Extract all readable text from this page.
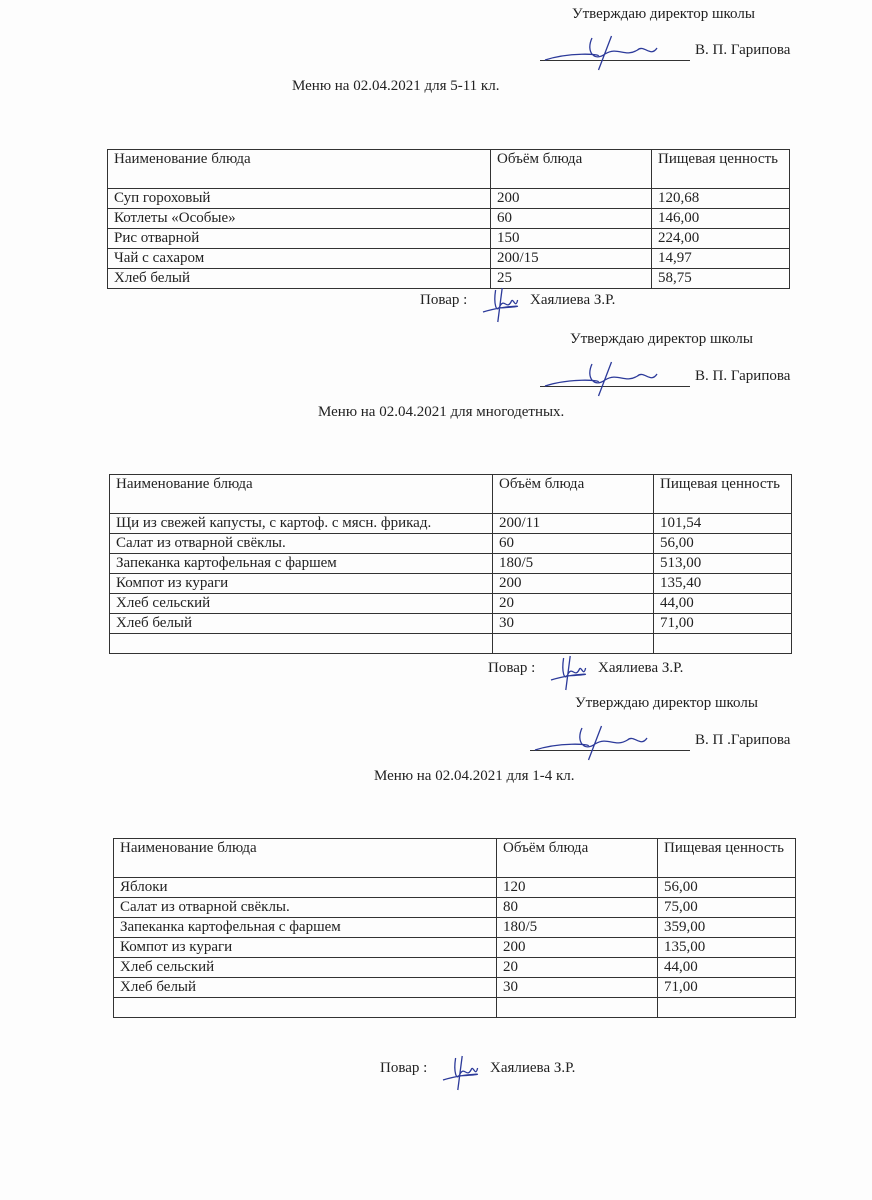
Утверждаю директор школы
В. П. Гарипова
Меню на 02.04.2021 для 5-11 кл.
Наименование блюда	Объём блюда	Пищевая ценность
Суп гороховый	200	120,68
Котлеты «Особые»	60	146,00
Рис отварной	150	224,00
Чай с сахаром	200/15	14,97
Хлеб белый	25	58,75
Повар :	Хаялиева З.Р.
Утверждаю директор школы
В. П. Гарипова
Меню на 02.04.2021 для многодетных.
Наименование блюда	Объём блюда	Пищевая ценность
Щи из свежей капусты, с картоф. с мясн. фрикад.	200/11	101,54
Салат из отварной свёклы.	60	56,00
Запеканка картофельная с фаршем	180/5	513,00
Компот из кураги	200	135,40
Хлеб сельский	20	44,00
Хлеб белый	30	71,00

Повар :	Хаялиева З.Р.
Утверждаю директор школы
В. П .Гарипова
Меню на 02.04.2021 для 1-4 кл.
Наименование блюда	Объём блюда	Пищевая ценность
Яблоки	120	56,00
Салат из отварной свёклы.	80	75,00
Запеканка картофельная с фаршем	180/5	359,00
Компот из кураги	200	135,00
Хлеб сельский	20	44,00
Хлеб белый	30	71,00

Повар :	Хаялиева З.Р.
